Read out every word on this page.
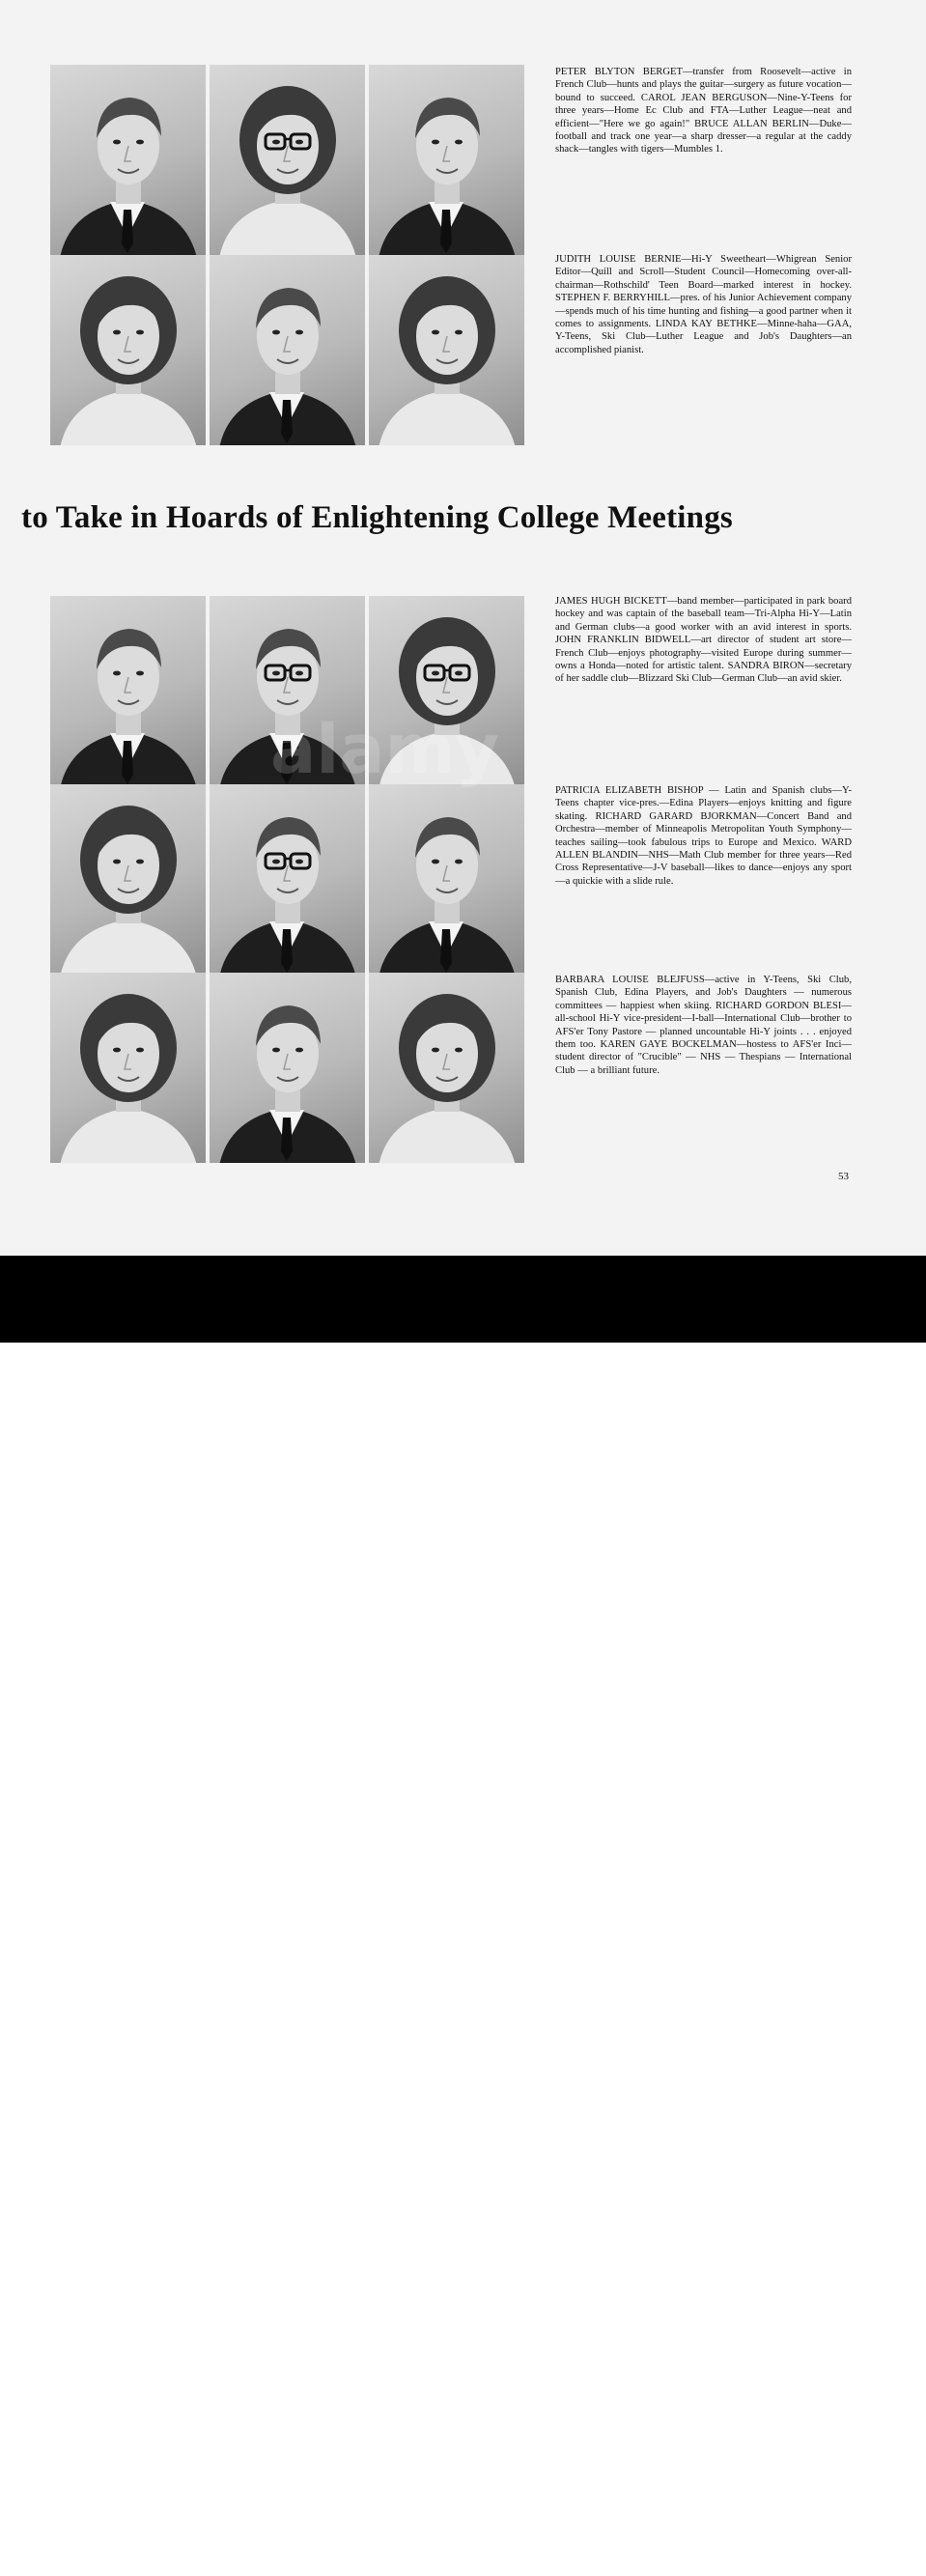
PETER BLYTON BERGET—transfer from Roosevelt—active in French Club—hunts and plays the guitar—surgery as future vocation—bound to succeed. CAROL JEAN BERGUSON—Nine-Y-Teens for three years—Home Ec Club and FTA—Luther League—neat and efficient—"Here we go again!" BRUCE ALLAN BERLIN—Duke—football and track one year—a sharp dresser—a regular at the caddy shack—tangles with tigers—Mumbles 1.

JUDITH LOUISE BERNIE—Hi-Y Sweetheart—Whigrean Senior Editor—Quill and Scroll—Student Council—Homecoming over-all-chairman—Rothschild' Teen Board—marked interest in hockey. STEPHEN F. BERRYHILL—pres. of his Junior Achievement company—spends much of his time hunting and fishing—a good partner when it comes to assignments. LINDA KAY BETHKE—Minne-haha—GAA, Y-Teens, Ski Club—Luther League and Job's Daughters—an accomplished pianist.

to Take in Hoards of Enlightening College Meetings

JAMES HUGH BICKETT—band member—participated in park board hockey and was captain of the baseball team—Tri-Alpha Hi-Y—Latin and German clubs—a good worker with an avid interest in sports. JOHN FRANKLIN BIDWELL—art director of student art store—French Club—enjoys photography—visited Europe during summer—owns a Honda—noted for artistic talent. SANDRA BIRON—secretary of her saddle club—Blizzard Ski Club—German Club—an avid skier.

PATRICIA ELIZABETH BISHOP — Latin and Spanish clubs—Y-Teens chapter vice-pres.—Edina Players—enjoys knitting and figure skating. RICHARD GARARD BJORKMAN—Concert Band and Orchestra—member of Minneapolis Metropolitan Youth Symphony—teaches sailing—took fabulous trips to Europe and Mexico. WARD ALLEN BLANDIN—NHS—Math Club member for three years—Red Cross Representative—J-V baseball—likes to dance—enjoys any sport—a quickie with a slide rule.

BARBARA LOUISE BLEJFUSS—active in Y-Teens, Ski Club, Spanish Club, Edina Players, and Job's Daughters — numerous committees — happiest when skiing. RICHARD GORDON BLESI—all-school Hi-Y vice-president—I-ball—International Club—brother to AFS'er Tony Pastore — planned uncountable Hi-Y joints . . . enjoyed them too. KAREN GAYE BOCKELMAN—hostess to AFS'er Inci—student director of "Crucible" — NHS — Thespians — International Club — a brilliant future.

53
alamy	2A6J78H
